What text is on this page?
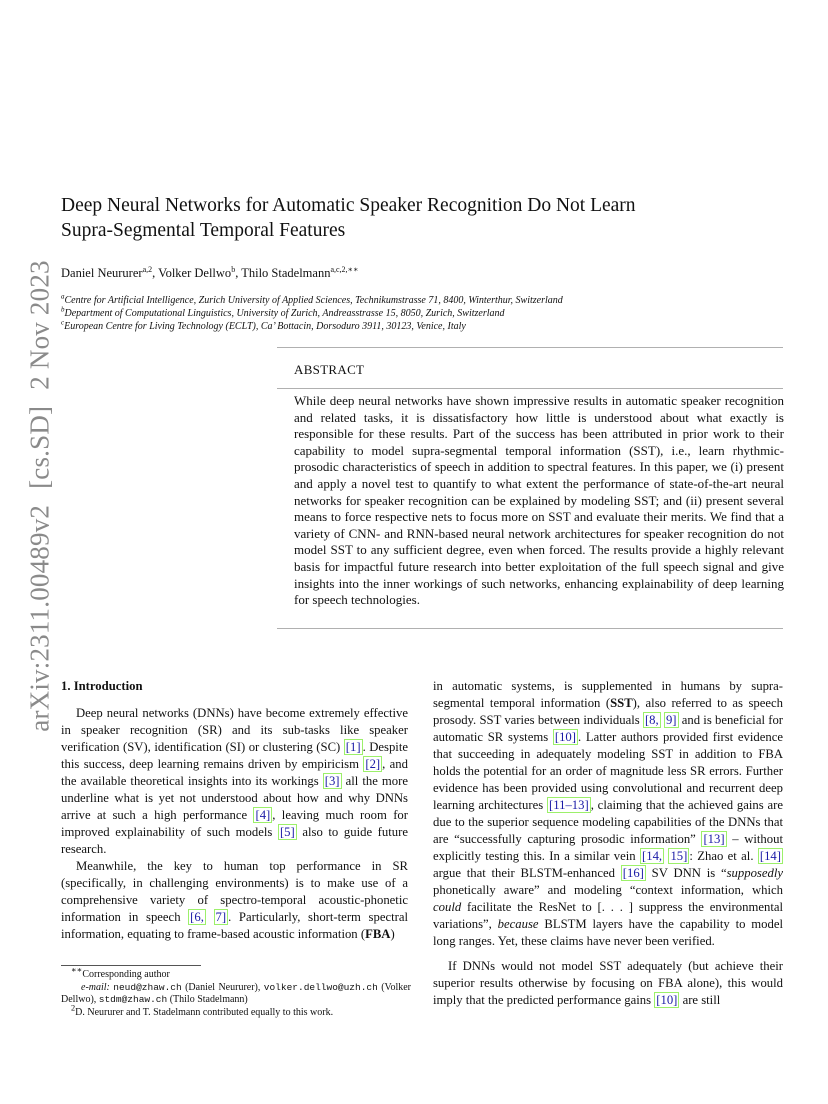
arXiv:2311.00489v2[cs.SD]2 Nov 2023
Deep Neural Networks for Automatic Speaker Recognition Do Not Learn
Supra-Segmental Temporal Features
Daniel Neururer$^{a,2}$, Volker Dellwo$^b$, Thilo Stadelmann$^{a,c,2,∗∗}$
$^a$Centre for Artificial Intelligence, Zurich University of Applied Sciences, Technikumstrasse 71, 8400, Winterthur, Switzerland
$^b$Department of Computational Linguistics, University of Zurich, Andreasstrasse 15, 8050, Zurich, Switzerland
$^c$European Centre for Living Technology (ECLT), Ca’ Bottacin, Dorsoduro 3911, 30123, Venice, Italy
ABSTRACT
While deep neural networks have shown impressive results in automatic speaker recognition and related tasks, it is dissatisfactory how little is understood about what exactly is responsible for these results. Part of the success has been attributed in prior work to their capability to model supra-segmental temporal information (SST), i.e., learn rhythmic-prosodic characteristics of speech in addition to spectral features. In this paper, we (i) present and apply a novel test to quantify to what extent the performance of state-of-the-art neural networks for speaker recognition can be explained by modeling SST; and (ii) present several means to force respective nets to focus more on SST and evaluate their merits. We find that a variety of CNN- and RNN-based neural network architectures for speaker recognition do not model SST to any sufficient degree, even when forced. The results provide a highly relevant basis for impactful future research into better exploitation of the full speech signal and give insights into the inner workings of such networks, enhancing explainability of deep learning for speech technologies.
1. Introduction

Deep neural networks (DNNs) have become extremely effective in speaker recognition (SR) and its sub-tasks like speaker verification (SV), identification (SI) or clustering (SC) [1] . Despite this success, deep learning remains driven by empiricism [2] , and the available theoretical insights into its workings [3] all the more underline what is yet not understood about how and why DNNs arrive at such a high performance [4] , leaving much room for improved explainability of such models [5] also to guide future research.

Meanwhile, the key to human top performance in SR (specifically, in challenging environments) is to make use of a comprehensive variety of spectro-temporal acoustic-phonetic information in speech [6, 7] . Particularly, short-term spectral information, equating to frame-based acoustic information (FBA)

∗∗Corresponding author

e-mail: neud@zhaw.ch (Daniel Neururer), volker.dellwo@uzh.ch (Volker Dellwo), stdm@zhaw.ch (Thilo Stadelmann)

$^2$D. Neururer and T. Stadelmann contributed equally to this work.

in automatic systems, is supplemented in humans by supra-segmental temporal information (SST), also referred to as speech prosody. SST varies between individuals [8, 9] and is beneficial for automatic SR systems [10] . Latter authors provided first evidence that succeeding in adequately modeling SST in addition to FBA holds the potential for an order of magnitude less SR errors. Further evidence has been provided using convolutional and recurrent deep learning architectures [11–13] , claiming that the achieved gains are due to the superior sequence modeling capabilities of the DNNs that are “successfully capturing prosodic information” [13] – without explicitly testing this. In a similar vein [14, 15] : Zhao et al. [14] argue that their BLSTM-enhanced [16] SV DNN is “supposedly phonetically aware” and modeling “context information, which could facilitate the ResNet to [. . . ] suppress the environmental variations”, because BLSTM layers have the capability to model long ranges. Yet, these claims have never been verified.

If DNNs would not model SST adequately (but achieve their superior results otherwise by focusing on FBA alone), this would imply that the predicted performance gains [10] are still
